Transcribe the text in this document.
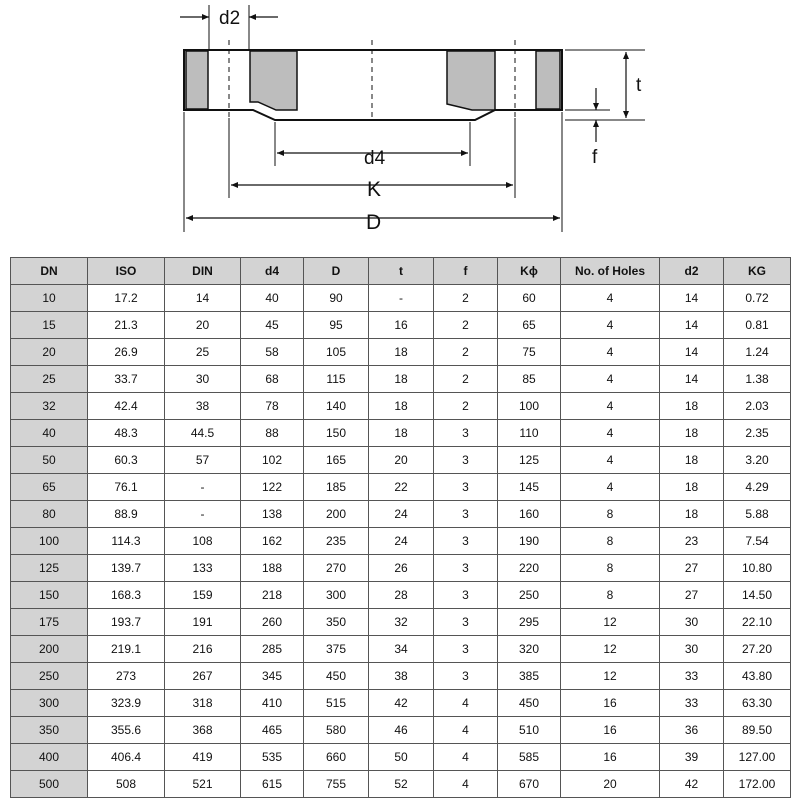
d2
d4
K
D
t
f
DN	ISO	DIN	d4	D	t	f	Kϕ	No. of Holes	d2	KG
10	17.2	14	40	90	-	2	60	4	14	0.72
15	21.3	20	45	95	16	2	65	4	14	0.81
20	26.9	25	58	105	18	2	75	4	14	1.24
25	33.7	30	68	115	18	2	85	4	14	1.38
32	42.4	38	78	140	18	2	100	4	18	2.03
40	48.3	44.5	88	150	18	3	110	4	18	2.35
50	60.3	57	102	165	20	3	125	4	18	3.20
65	76.1	-	122	185	22	3	145	4	18	4.29
80	88.9	-	138	200	24	3	160	8	18	5.88
100	114.3	108	162	235	24	3	190	8	23	7.54
125	139.7	133	188	270	26	3	220	8	27	10.80
150	168.3	159	218	300	28	3	250	8	27	14.50
175	193.7	191	260	350	32	3	295	12	30	22.10
200	219.1	216	285	375	34	3	320	12	30	27.20
250	273	267	345	450	38	3	385	12	33	43.80
300	323.9	318	410	515	42	4	450	16	33	63.30
350	355.6	368	465	580	46	4	510	16	36	89.50
400	406.4	419	535	660	50	4	585	16	39	127.00
500	508	521	615	755	52	4	670	20	42	172.00
